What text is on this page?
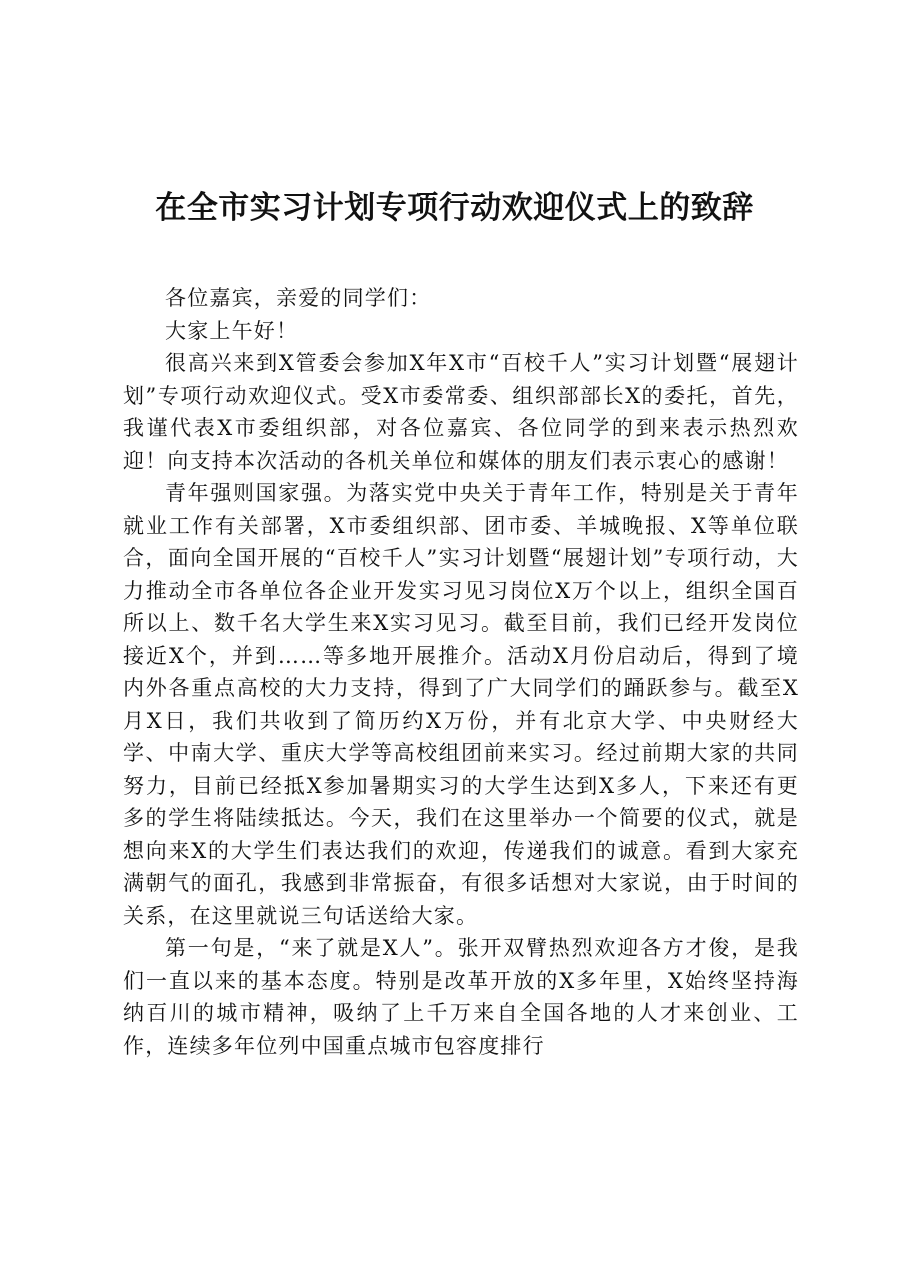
在全市实习计划专项行动欢迎仪式上的致辞

各位嘉宾，亲爱的同学们：

大家上午好！

很高兴来到X管委会参加X年X市“百校千人”实习计划暨“展翅计划”专项行动欢迎仪式。受X市委常委、组织部部长X的委托，首先，我谨代表X市委组织部，对各位嘉宾、各位同学的到来表示热烈欢迎！向支持本次活动的各机关单位和媒体的朋友们表示衷心的感谢！

青年强则国家强。为落实党中央关于青年工作，特别是关于青年就业工作有关部署，X市委组织部、团市委、羊城晚报、X等单位联合，面向全国开展的“百校千人”实习计划暨“展翅计划”专项行动，大力推动全市各单位各企业开发实习见习岗位X万个以上，组织全国百所以上、数千名大学生来X实习见习。截至目前，我们已经开发岗位接近X个，并到……等多地开展推介。活动X月份启动后，得到了境内外各重点高校的大力支持，得到了广大同学们的踊跃参与。截至X月X日，我们共收到了简历约X万份，并有北京大学、中央财经大学、中南大学、重庆大学等高校组团前来实习。经过前期大家的共同努力，目前已经抵X参加暑期实习的大学生达到X多人，下来还有更多的学生将陆续抵达。今天，我们在这里举办一个简要的仪式，就是想向来X的大学生们表达我们的欢迎，传递我们的诚意。看到大家充满朝气的面孔，我感到非常振奋，有很多话想对大家说，由于时间的关系，在这里就说三句话送给大家。

第一句是，“来了就是X人”。张开双臂热烈欢迎各方才俊，是我们一直以来的基本态度。特别是改革开放的X多年里，X始终坚持海纳百川的城市精神，吸纳了上千万来自全国各地的人才来创业、工作，连续多年位列中国重点城市包容度排行
